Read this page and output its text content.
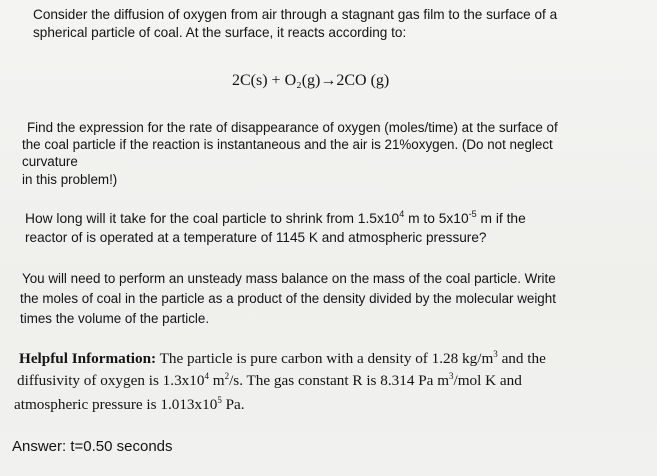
Consider the diffusion of oxygen from air through a stagnant gas film to the surface of a
spherical particle of coal. At the surface, it reacts according to:
2C(s) + O₂(g)→2CO (g)
Find the expression for the rate of disappearance of oxygen (moles/time) at the surface of
the coal particle if the reaction is instantaneous and the air is 21%oxygen. (Do not neglect
curvature
in this problem!)
How long will it take for the coal particle to shrink from $1.5x10^4$ m to $5x10^{-5}$ m if the
reactor of is operated at a temperature of 1145 K and atmospheric pressure?
You will need to perform an unsteady mass balance on the mass of the coal particle. Write
the moles of coal in the particle as a product of the density divided by the molecular weight
times the volume of the particle.
Helpful Information: The particle is pure carbon with a density of 1.28 $kg/m^3$ and the
diffusivity of oxygen is $1.3x10^4$ $m^2/s$. The gas constant R is 8.314 Pa $m^3$/mol K and
atmospheric pressure is $1.013x10^5$ Pa.
Answer: t=0.50 seconds
